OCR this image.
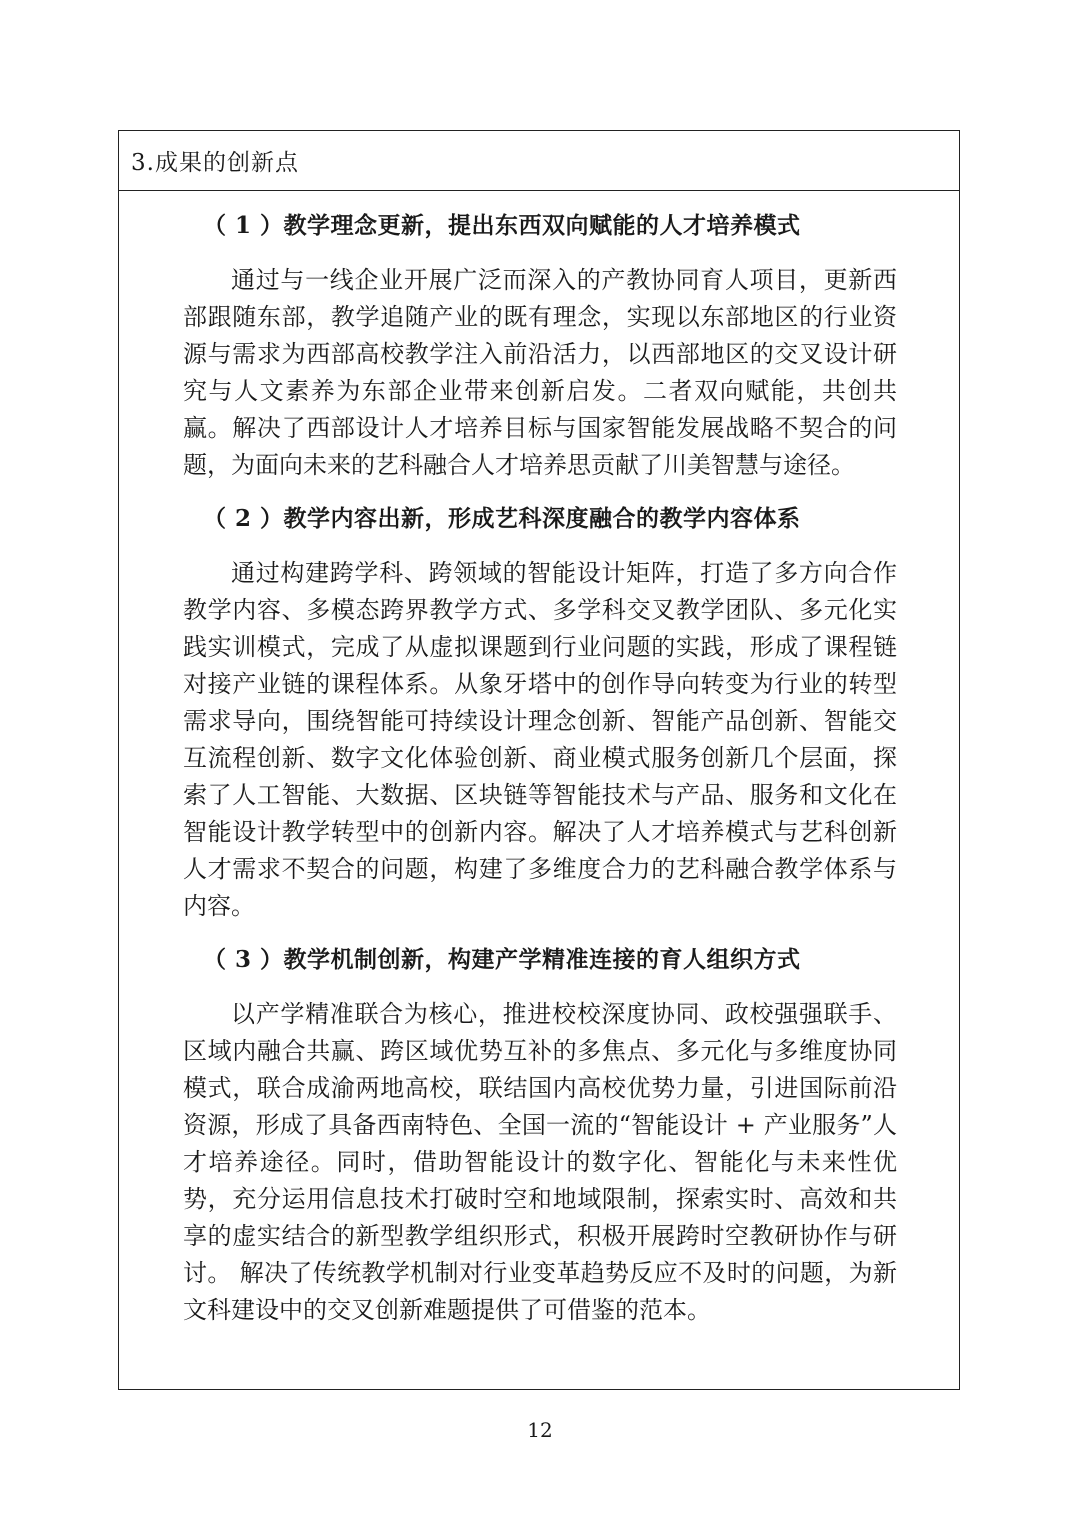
3.成果的创新点
（ 1 ）教学理念更新，提出东西双向赋能的人才培养模式

通过与一线企业开展广泛而深入的产教协同育人项目，更新西部跟随东部，教学追随产业的既有理念，实现以东部地区的行业资源与需求为西部高校教学注入前沿活力，以西部地区的交叉设计研究与人文素养为东部企业带来创新启发。二者双向赋能，共创共赢。解决了西部设计人才培养目标与国家智能发展战略不契合的问题，为面向未来的艺科融合人才培养思贡献了川美智慧与途径。

（ 2 ）教学内容出新，形成艺科深度融合的教学内容体系

通过构建跨学科、跨领域的智能设计矩阵，打造了多方向合作教学内容、多模态跨界教学方式、多学科交叉教学团队、多元化实践实训模式，完成了从虚拟课题到行业问题的实践，形成了课程链对接产业链的课程体系。从象牙塔中的创作导向转变为行业的转型需求导向，围绕智能可持续设计理念创新、智能产品创新、智能交互流程创新、数字文化体验创新、商业模式服务创新几个层面，探索了人工智能、大数据、区块链等智能技术与产品、服务和文化在智能设计教学转型中的创新内容。解决了人才培养模式与艺科创新人才需求不契合的问题，构建了多维度合力的艺科融合教学体系与内容。

（ 3 ）教学机制创新，构建产学精准连接的育人组织方式

以产学精准联合为核心，推进校校深度协同、政校强强联手、区域内融合共赢、跨区域优势互补的多焦点、多元化与多维度协同模式，联合成渝两地高校，联结国内高校优势力量，引进国际前沿资源，形成了具备西南特色、全国一流的“智能设计 + 产业服务”人才培养途径。同时，借助智能设计的数字化、智能化与未来性优势，充分运用信息技术打破时空和地域限制，探索实时、高效和共享的虚实结合的新型教学组织形式，积极开展跨时空教研协作与研讨。 解决了传统教学机制对行业变革趋势反应不及时的问题，为新文科建设中的交叉创新难题提供了可借鉴的范本。

12
